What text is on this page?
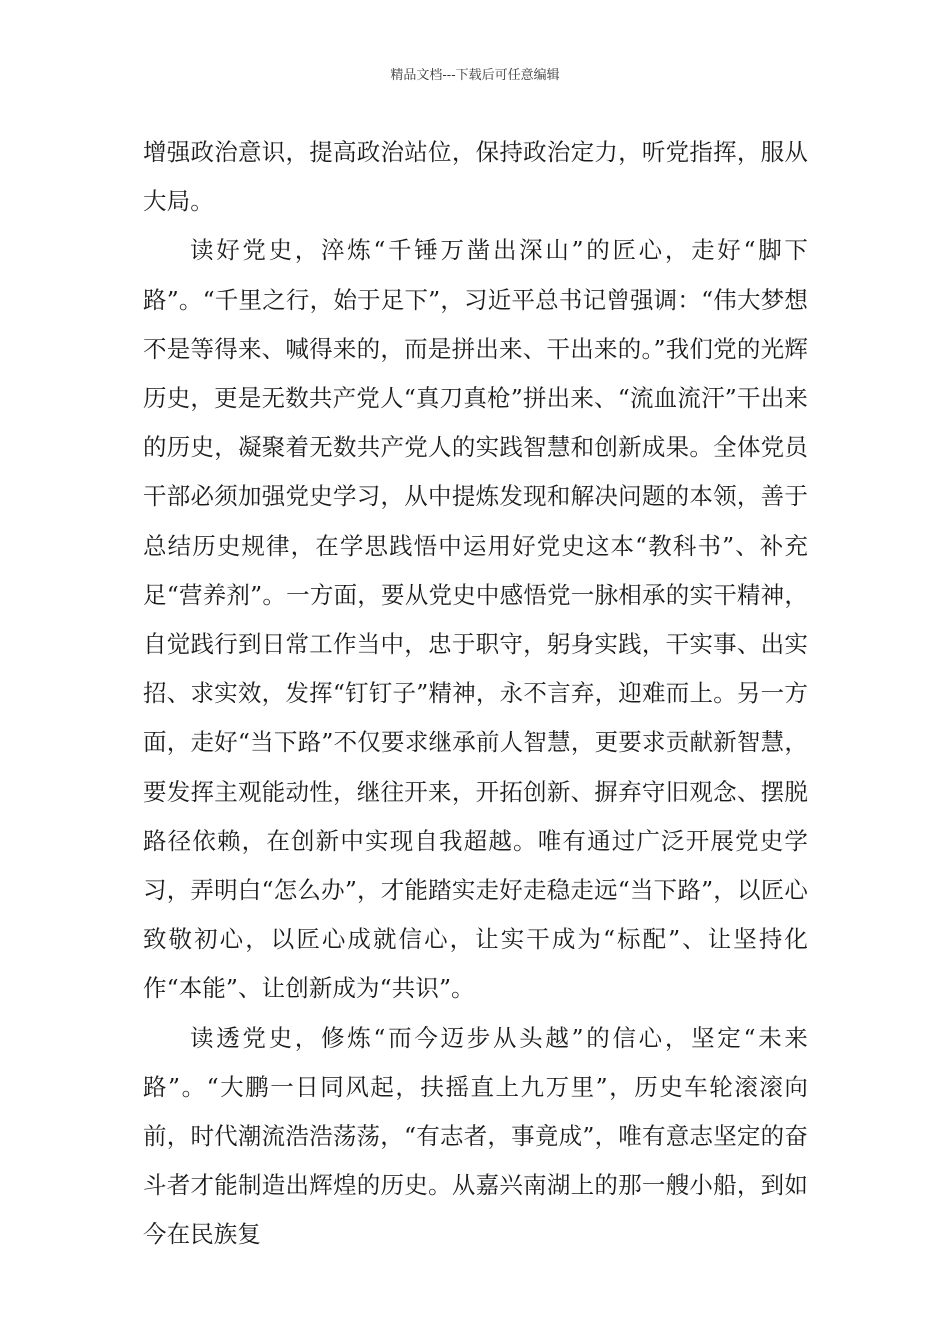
精品文档---下载后可任意编辑

增强政治意识，提高政治站位，保持政治定力，听党指挥，服从大局。

读好党史，淬炼“千锤万凿出深山”的匠心，走好“脚下路”。“千里之行，始于足下”，习近平总书记曾强调：“伟大梦想不是等得来、喊得来的，而是拼出来、干出来的。”我们党的光辉历史，更是无数共产党人“真刀真枪”拼出来、“流血流汗”干出来的历史，凝聚着无数共产党人的实践智慧和创新成果。全体党员干部必须加强党史学习，从中提炼发现和解决问题的本领，善于总结历史规律，在学思践悟中运用好党史这本“教科书”、补充足“营养剂”。一方面，要从党史中感悟党一脉相承的实干精神，自觉践行到日常工作当中，忠于职守，躬身实践，干实事、出实招、求实效，发挥“钉钉子”精神，永不言弃，迎难而上。另一方面，走好“当下路”不仅要求继承前人智慧，更要求贡献新智慧，要发挥主观能动性，继往开来，开拓创新、摒弃守旧观念、摆脱路径依赖，在创新中实现自我超越。唯有通过广泛开展党史学习，弄明白“怎么办”，才能踏实走好走稳走远“当下路”，以匠心致敬初心，以匠心成就信心，让实干成为“标配”、让坚持化作“本能”、让创新成为“共识”。

读透党史，修炼“而今迈步从头越”的信心，坚定“未来路”。“大鹏一日同风起，扶摇直上九万里”，历史车轮滚滚向前，时代潮流浩浩荡荡，“有志者，事竟成”，唯有意志坚定的奋斗者才能制造出辉煌的历史。从嘉兴南湖上的那一艘小船，到如今在民族复
